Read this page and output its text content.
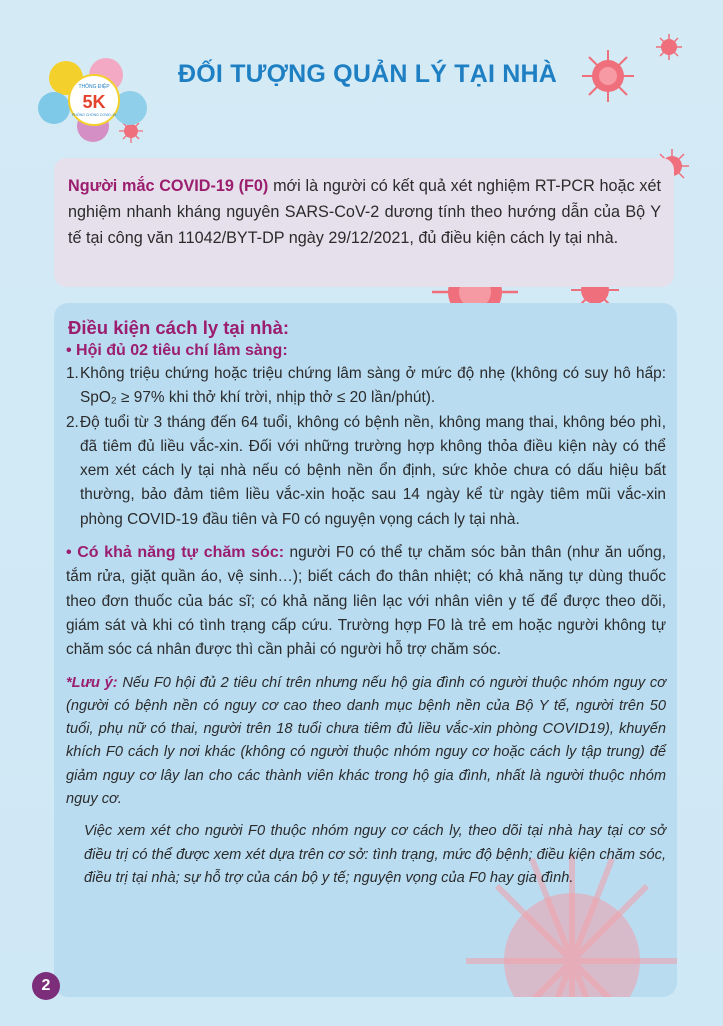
THÔNG ĐIỆP
5K
PHÒNG CHỐNG COVID-19
ĐỐI TƯỢNG QUẢN LÝ TẠI NHÀ

Người mắc COVID-19 (F0) mới là người có kết quả xét nghiệm RT-PCR hoặc xét nghiệm nhanh kháng nguyên SARS-CoV-2 dương tính theo hướng dẫn của Bộ Y tế tại công văn 11042/BYT-DP ngày 29/12/2021, đủ điều kiện cách ly tại nhà.

Điều kiện cách ly tại nhà:
• Hội đủ 02 tiêu chí lâm sàng:
1. Không triệu chứng hoặc triệu chứng lâm sàng ở mức độ nhẹ (không có suy hô hấp: SpO₂ ≥ 97% khi thở khí trời, nhịp thở ≤ 20 lần/phút).
2. Độ tuổi từ 3 tháng đến 64 tuổi, không có bệnh nền, không mang thai, không béo phì, đã tiêm đủ liều vắc-xin. Đối với những trường hợp không thỏa điều kiện này có thể xem xét cách ly tại nhà nếu có bệnh nền ổn định, sức khỏe chưa có dấu hiệu bất thường, bảo đảm tiêm liều vắc-xin hoặc sau 14 ngày kể từ ngày tiêm mũi vắc-xin phòng COVID-19 đầu tiên và F0 có nguyện vọng cách ly tại nhà.

• Có khả năng tự chăm sóc: người F0 có thể tự chăm sóc bản thân (như ăn uống, tắm rửa, giặt quần áo, vệ sinh…); biết cách đo thân nhiệt; có khả năng tự dùng thuốc theo đơn thuốc của bác sĩ; có khả năng liên lạc với nhân viên y tế để được theo dõi, giám sát và khi có tình trạng cấp cứu. Trường hợp F0 là trẻ em hoặc người không tự chăm sóc cá nhân được thì cần phải có người hỗ trợ chăm sóc.

*Lưu ý: Nếu F0 hội đủ 2 tiêu chí trên nhưng nếu hộ gia đình có người thuộc nhóm nguy cơ (người có bệnh nền có nguy cơ cao theo danh mục bệnh nền của Bộ Y tế, người trên 50 tuổi, phụ nữ có thai, người trên 18 tuổi chưa tiêm đủ liều vắc-xin phòng COVID19), khuyến khích F0 cách ly nơi khác (không có người thuộc nhóm nguy cơ hoặc cách ly tập trung) để giảm nguy cơ lây lan cho các thành viên khác trong hộ gia đình, nhất là người thuộc nhóm nguy cơ.

Việc xem xét cho người F0 thuộc nhóm nguy cơ cách ly, theo dõi tại nhà hay tại cơ sở điều trị có thể được xem xét dựa trên cơ sở: tình trạng, mức độ bệnh; điều kiện chăm sóc, điều trị tại nhà; sự hỗ trợ của cán bộ y tế; nguyện vọng của F0 hay gia đình.

2
